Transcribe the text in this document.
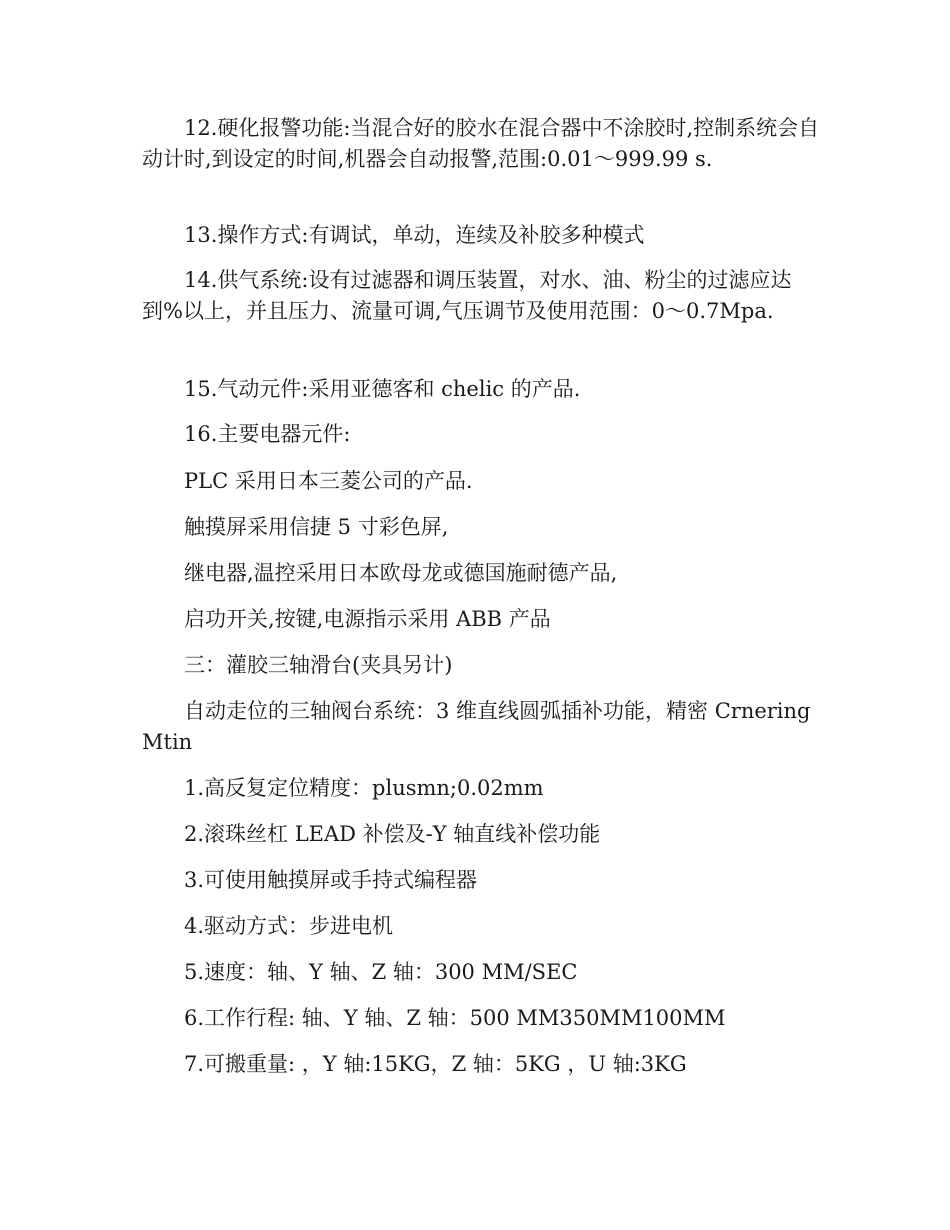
12.硬化报警功能:当混合好的胶水在混合器中不涂胶时,控制系统会自动计时,到设定的时间,机器会自动报警,范围:0.01～999.99 s.

13.操作方式:有调试，单动，连续及补胶多种模式

14.供气系统:设有过滤器和调压装置，对水、油、粉尘的过滤应达到%以上，并且压力、流量可调,气压调节及使用范围：0～0.7Mpa.

15.气动元件:采用亚德客和 chelic 的产品.

16.主要电器元件:

PLC 采用日本三菱公司的产品.

触摸屏采用信捷 5 寸彩色屏,

继电器,温控采用日本欧母龙或德国施耐德产品,

启功开关,按键,电源指示采用 ABB 产品

三：灌胶三轴滑台(夹具另计)

自动走位的三轴阀台系统：3 维直线圆弧插补功能，精密 Crnering Mtin

1.高反复定位精度：plusmn;0.02mm

2.滚珠丝杠 LEAD 补偿及-Y 轴直线补偿功能

3.可使用触摸屏或手持式编程器

4.驱动方式：步进电机

5.速度：轴、Y 轴、Z 轴：300 MM/SEC

6.工作行程: 轴、Y 轴、Z 轴：500 MM350MM100MM

7.可搬重量: ，Y 轴:15KG，Z 轴：5KG ，U 轴:3KG
